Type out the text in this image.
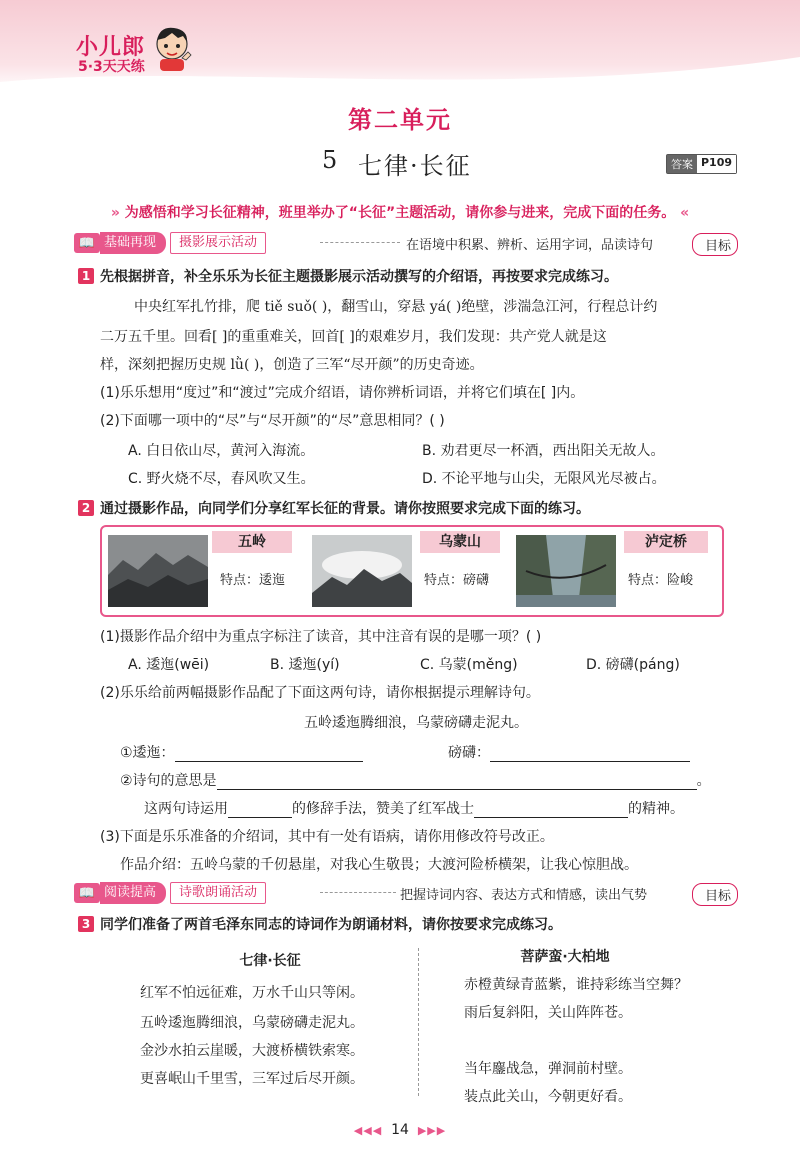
小儿郎
5·3天天练
第二单元
5 七律·长征	答案 P109
» 为感悟和学习长征精神，班里举办了“长征”主题活动，请你参与进来，完成下面的任务。 «
📖 基础再现	摄影展示活动	在语境中积累、辨析、运用字词，品读诗句	目标
1 先根据拼音，补全乐乐为长征主题摄影展示活动撰写的介绍语，再按要求完成练习。
中央红军扎竹排，爬 tiě suǒ( )，翻雪山，穿悬 yá( )绝壁，涉湍急江河，行程总计约
二万五千里。回看[ ]的重重难关，回首[ ]的艰难岁月，我们发现：共产党人就是这
样，深刻把握历史规 lǜ( )，创造了三军“尽开颜”的历史奇迹。
(1)乐乐想用“度过”和“渡过”完成介绍语，请你辨析词语，并将它们填在[ ]内。
(2)下面哪一项中的“尽”与“尽开颜”的“尽”意思相同？( )
A. 白日依山尽，黄河入海流。	B. 劝君更尽一杯酒，西出阳关无故人。
C. 野火烧不尽，春风吹又生。	D. 不论平地与山尖，无限风光尽被占。
2 通过摄影作品，向同学们分享红军长征的背景。请你按照要求完成下面的练习。
五岭
特点：逶迤
乌蒙山
特点：磅礴
泸定桥
特点：险峻
(1)摄影作品介绍中为重点字标注了读音，其中注音有误的是哪一项？( )
A. 逶迤(wēi)	B. 逶迤(yí)	C. 乌蒙(měng)	D. 磅礴(páng)
(2)乐乐给前两幅摄影作品配了下面这两句诗，请你根据提示理解诗句。
五岭逶迤腾细浪，乌蒙磅礴走泥丸。
①逶迤：	磅礴：
②诗句的意思是	。
这两句诗运用	的修辞手法，赞美了红军战士	的精神。
(3)下面是乐乐准备的介绍词，其中有一处有语病，请你用修改符号改正。
作品介绍：五岭乌蒙的千仞悬崖，对我心生敬畏；大渡河险桥横架，让我心惊胆战。
📖 阅读提高	诗歌朗诵活动	把握诗词内容、表达方式和情感，读出气势	目标
3 同学们准备了两首毛泽东同志的诗词作为朗诵材料，请你按要求完成练习。
七律·长征
红军不怕远征难，万水千山只等闲。
五岭逶迤腾细浪，乌蒙磅礴走泥丸。
金沙水拍云崖暖，大渡桥横铁索寒。
更喜岷山千里雪，三军过后尽开颜。
菩萨蛮·大柏地
赤橙黄绿青蓝紫，谁持彩练当空舞？
雨后复斜阳，关山阵阵苍。
当年鏖战急，弹洞前村壁。
装点此关山，今朝更好看。
◀◀◀ 14 ▶▶▶
